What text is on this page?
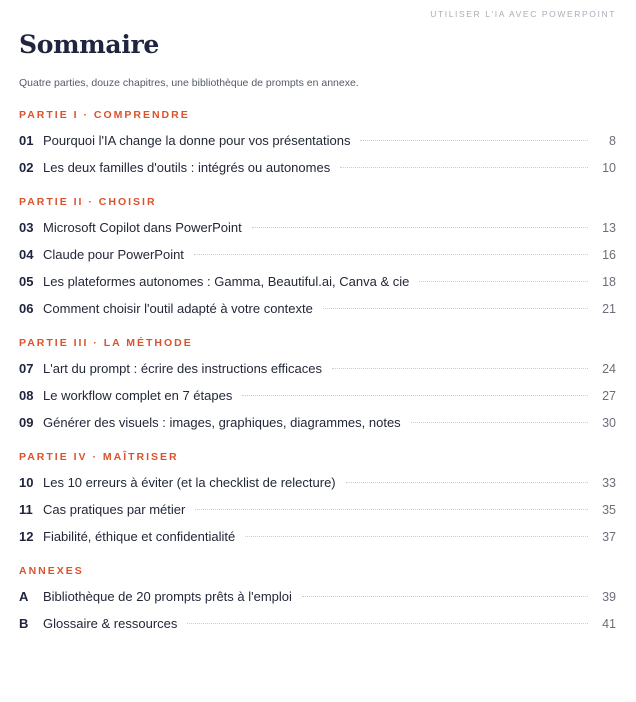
UTILISER L'IA AVEC POWERPOINT
Sommaire

Quatre parties, douze chapitres, une bibliothèque de prompts en annexe.

PARTIE I · COMPRENDRE
01 Pourquoi l'IA change la donne pour vos présentations	8
02 Les deux familles d'outils : intégrés ou autonomes	10
PARTIE II · CHOISIR
03 Microsoft Copilot dans PowerPoint	13
04 Claude pour PowerPoint	16
05 Les plateformes autonomes : Gamma, Beautiful.ai, Canva & cie	18
06 Comment choisir l'outil adapté à votre contexte	21
PARTIE III · LA MÉTHODE
07 L'art du prompt : écrire des instructions efficaces	24
08 Le workflow complet en 7 étapes	27
09 Générer des visuels : images, graphiques, diagrammes, notes	30
PARTIE IV · MAÎTRISER
10 Les 10 erreurs à éviter (et la checklist de relecture)	33
11 Cas pratiques par métier	35
12 Fiabilité, éthique et confidentialité	37
ANNEXES
A	Bibliothèque de 20 prompts prêts à l'emploi	39
B	Glossaire & ressources	41
